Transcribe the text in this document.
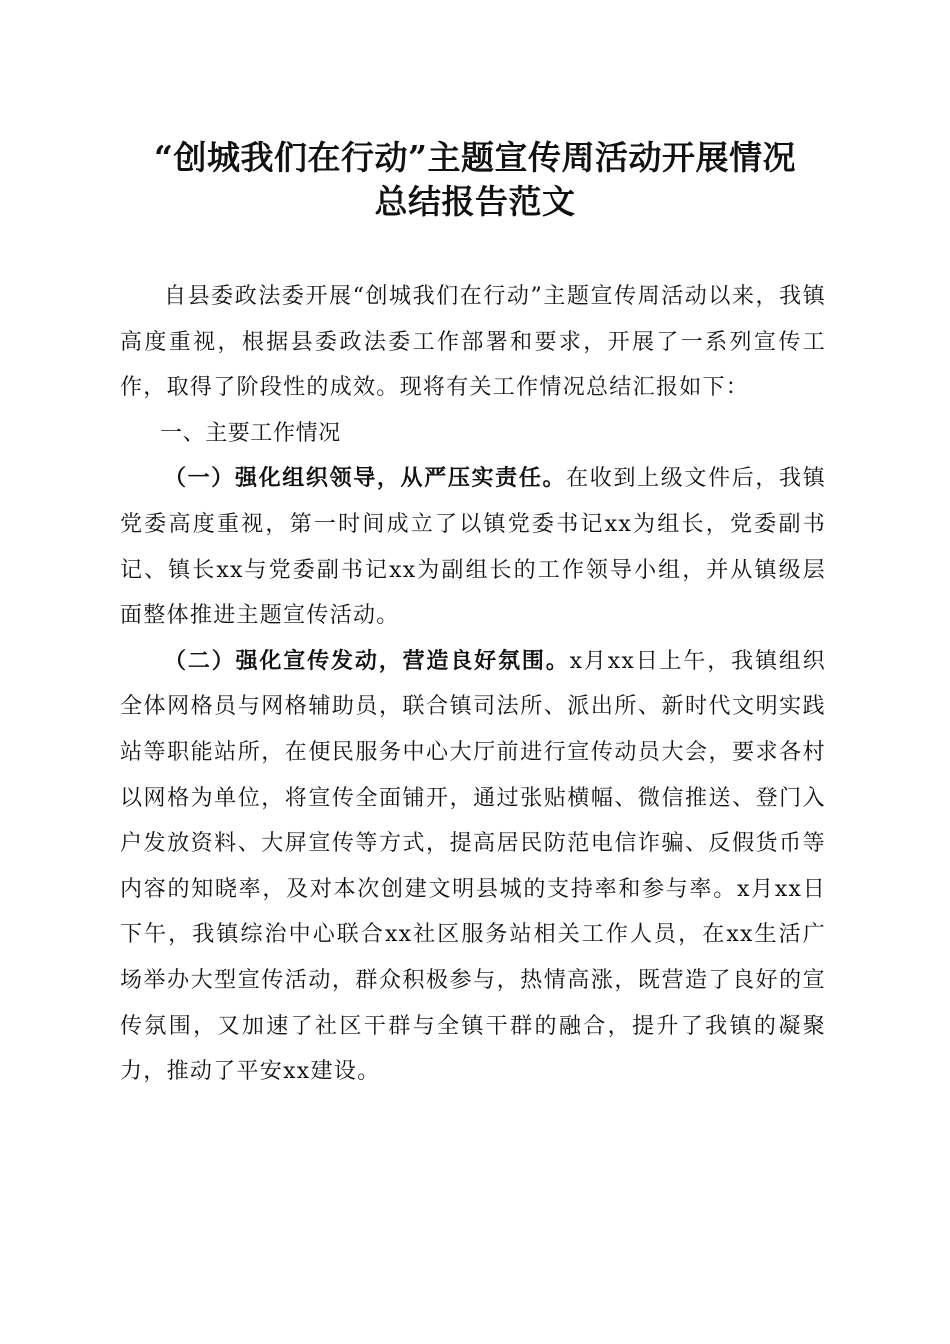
“创城我们在行动”主题宣传周活动开展情况
总结报告范文

自县委政法委开展“创城我们在行动”主题宣传周活动以来，我镇高度重视，根据县委政法委工作部署和要求，开展了一系列宣传工作，取得了阶段性的成效。现将有关工作情况总结汇报如下：

一、主要工作情况

（一）强化组织领导，从严压实责任。在收到上级文件后，我镇党委高度重视，第一时间成立了以镇党委书记xx为组长，党委副书记、镇长xx与党委副书记xx为副组长的工作领导小组，并从镇级层面整体推进主题宣传活动。

（二）强化宣传发动，营造良好氛围。x月xx日上午，我镇组织全体网格员与网格辅助员，联合镇司法所、派出所、新时代文明实践站等职能站所，在便民服务中心大厅前进行宣传动员大会，要求各村以网格为单位，将宣传全面铺开，通过张贴横幅、微信推送、登门入户发放资料、大屏宣传等方式，提高居民防范电信诈骗、反假货币等内容的知晓率，及对本次创建文明县城的支持率和参与率。x月xx日下午，我镇综治中心联合xx社区服务站相关工作人员，在xx生活广场举办大型宣传活动，群众积极参与，热情高涨，既营造了良好的宣传氛围，又加速了社区干群与全镇干群的融合，提升了我镇的凝聚力，推动了平安xx建设。
